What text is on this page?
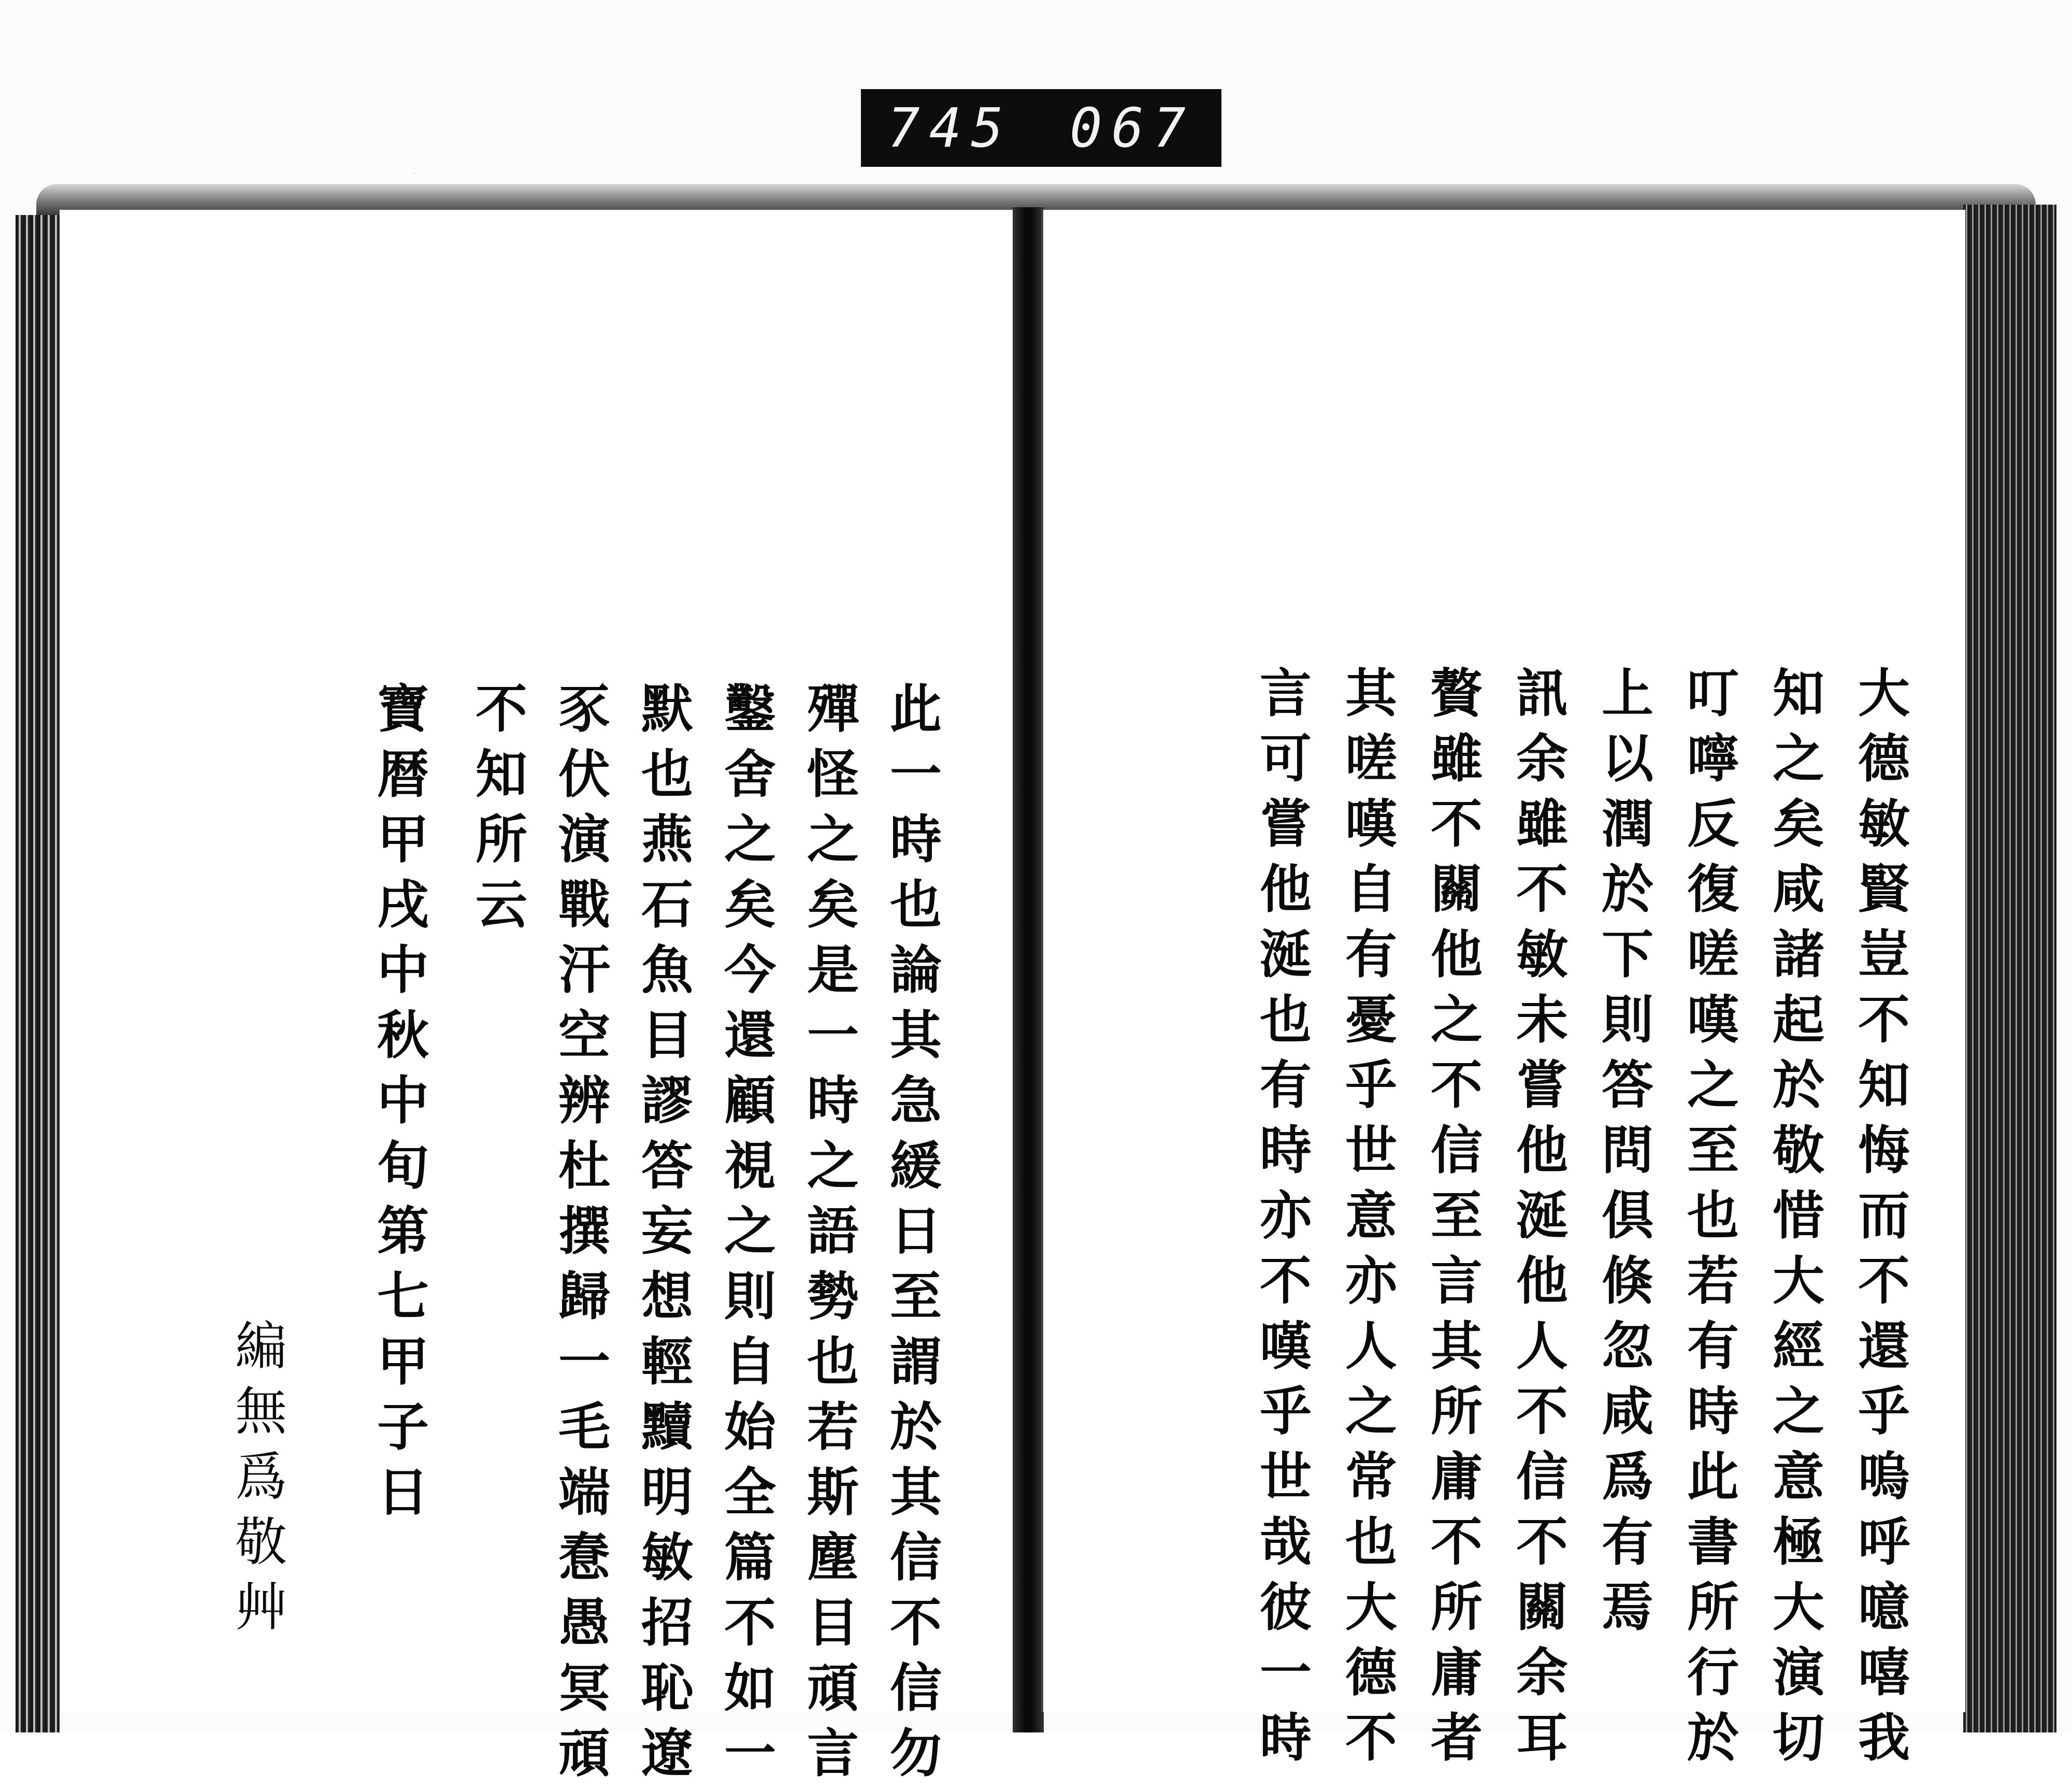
745 067
此一時也論其急緩日至謂於其信不信勿
殫怪之矣是一時之語勢也若斯塵目頑言
鑿舍之矣今還顧視之則自始全篇不如一
默也燕石魚目謬答妄想輕黷明敏招恥遼
豕伏演戰汗空辨杜撰歸一毛端惷愚冥頑
不知所云
寶暦甲戌中秋中旬第七甲子日
編無爲敬艸	大德敏賢豈不知悔而不還乎嗚呼噫嘻我
知之矣咸諸起於敬惜大經之意極大演切
叮嚀反復嗟嘆之至也若有時此書所行於
上以潤於下則答問倶倏忽咸爲有焉
訊余雖不敏未嘗他涎他人不信不關余耳
贅雖不關他之不信至言其所庸不所庸者
其嗟嘆自有憂乎世意亦人之常也大德不
言可嘗他涎也有時亦不嘆乎世哉彼一時
